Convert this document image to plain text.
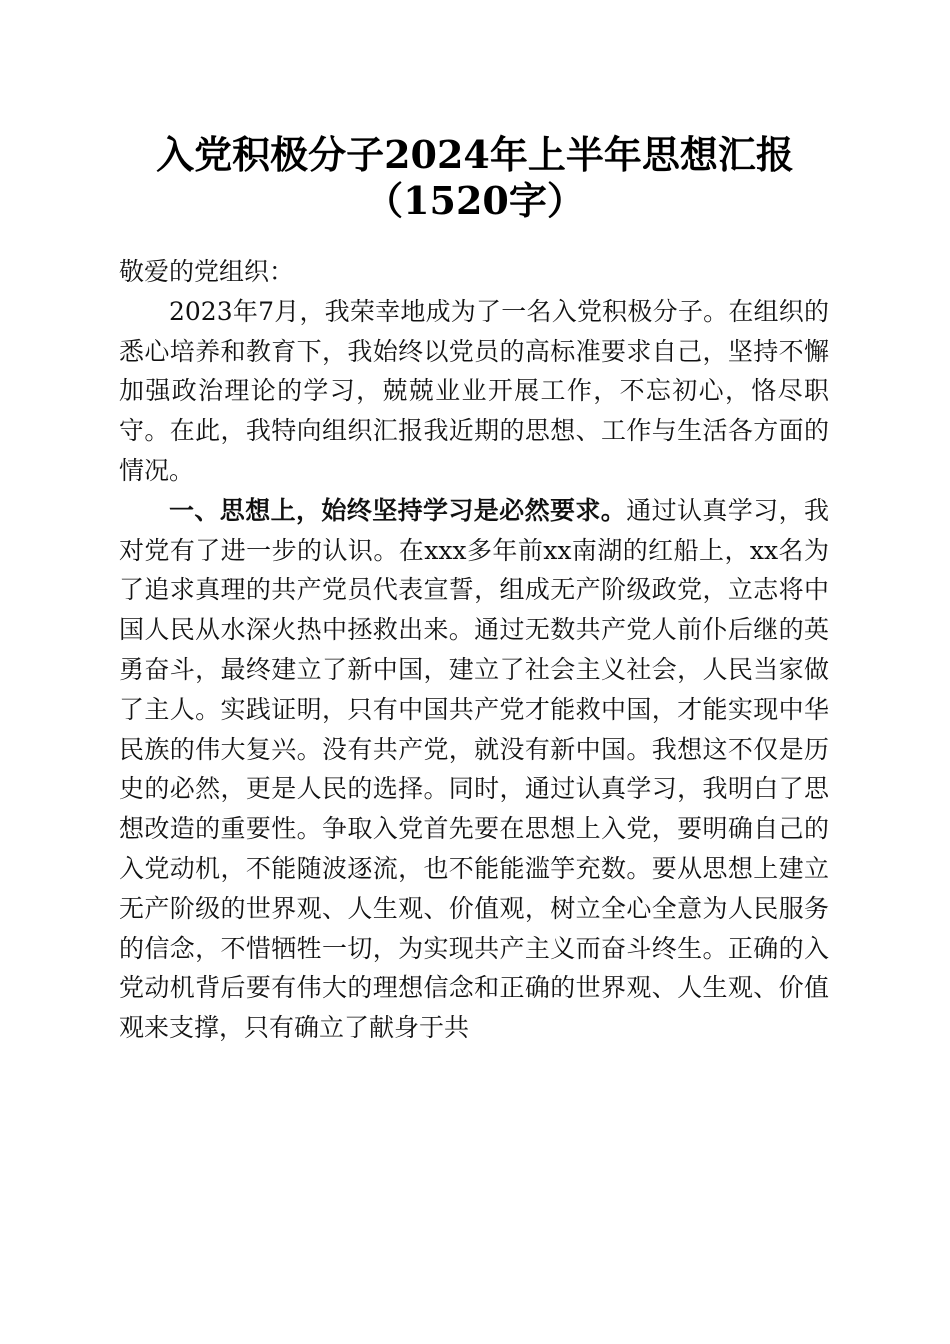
入党积极分子2024年上半年思想汇报（1520字）

敬爱的党组织：

2023年7月，我荣幸地成为了一名入党积极分子。在组织的悉心培养和教育下，我始终以党员的高标准要求自己，坚持不懈加强政治理论的学习，兢兢业业开展工作，不忘初心，恪尽职守。在此，我特向组织汇报我近期的思想、工作与生活各方面的情况。

一、思想上，始终坚持学习是必然要求。通过认真学习，我对党有了进一步的认识。在xxx多年前xx南湖的红船上，xx名为了追求真理的共产党员代表宣誓，组成无产阶级政党，立志将中国人民从水深火热中拯救出来。通过无数共产党人前仆后继的英勇奋斗，最终建立了新中国，建立了社会主义社会，人民当家做了主人。实践证明，只有中国共产党才能救中国，才能实现中华民族的伟大复兴。没有共产党，就没有新中国。我想这不仅是历史的必然，更是人民的选择。同时，通过认真学习，我明白了思想改造的重要性。争取入党首先要在思想上入党，要明确自己的入党动机，不能随波逐流，也不能能滥竽充数。要从思想上建立无产阶级的世界观、人生观、价值观，树立全心全意为人民服务的信念，不惜牺牲一切，为实现共产主义而奋斗终生。正确的入党动机背后要有伟大的理想信念和正确的世界观、人生观、价值观来支撑，只有确立了献身于共
